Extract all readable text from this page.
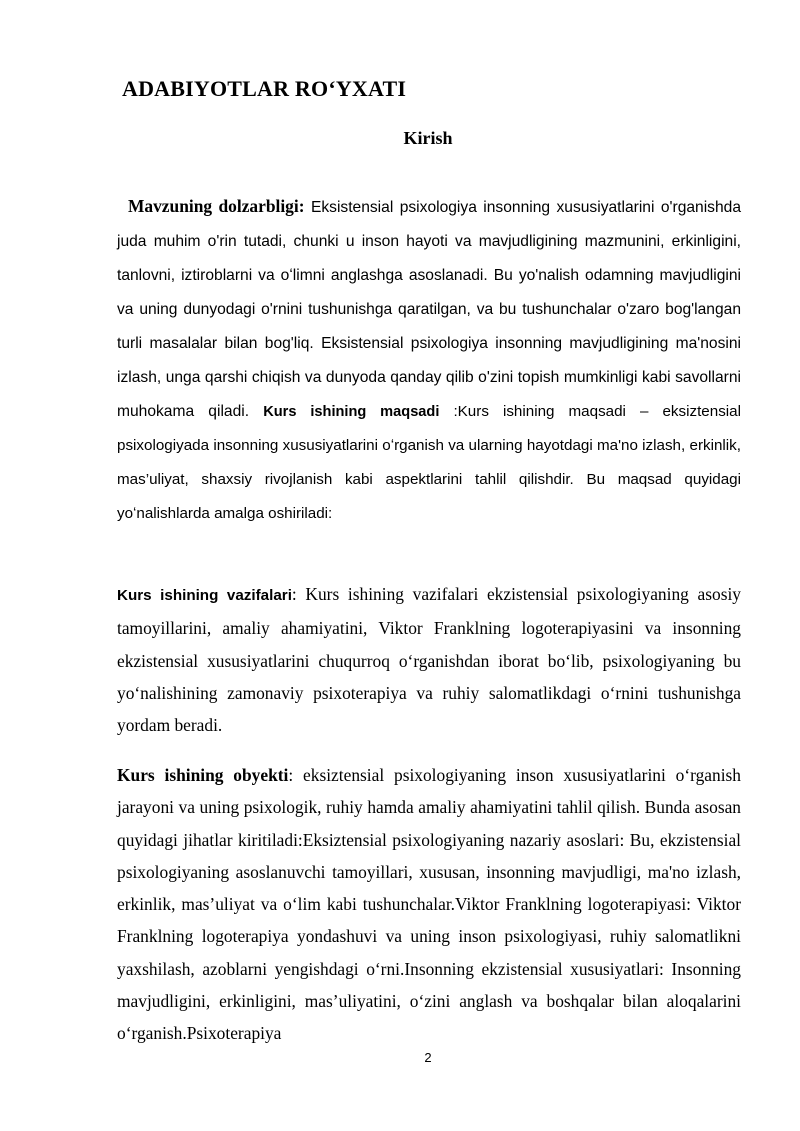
ADABIYOTLAR RO‘YXATI
Kirish

Mavzuning dolzarbligi: Eksistensial psixologiya insonning xususiyatlarini o'rganishda juda muhim o'rin tutadi, chunki u inson hayoti va mavjudligining mazmunini, erkinligini, tanlovni, iztiroblarni va oʻlimni anglashga asoslanadi. Bu yo'nalish odamning mavjudligini va uning dunyodagi o'rnini tushunishga qaratilgan, va bu tushunchalar o'zaro bog'langan turli masalalar bilan bog'liq. Eksistensial psixologiya insonning mavjudligining ma'nosini izlash, unga qarshi chiqish va dunyoda qanday qilib o'zini topish mumkinligi kabi savollarni muhokama qiladi. Kurs ishining maqsadi :Kurs ishining maqsadi – eksiztensial psixologiyada insonning xususiyatlarini oʻrganish va ularning hayotdagi ma'no izlash, erkinlik, mas’uliyat, shaxsiy rivojlanish kabi aspektlarini tahlil qilishdir. Bu maqsad quyidagi yoʻnalishlarda amalga oshiriladi:

Kurs ishining vazifalari: Kurs ishining vazifalari ekzistensial psixologiyaning asosiy tamoyillarini, amaliy ahamiyatini, Viktor Franklning logoterapiyasini va insonning ekzistensial xususiyatlarini chuqurroq oʻrganishdan iborat boʻlib, psixologiyaning bu yoʻnalishining zamonaviy psixoterapiya va ruhiy salomatlikdagi oʻrnini tushunishga yordam beradi.

Kurs ishining obyekti: eksiztensial psixologiyaning inson xususiyatlarini oʻrganish jarayoni va uning psixologik, ruhiy hamda amaliy ahamiyatini tahlil qilish. Bunda asosan quyidagi jihatlar kiritiladi:Eksiztensial psixologiyaning nazariy asoslari: Bu, ekzistensial psixologiyaning asoslanuvchi tamoyillari, xususan, insonning mavjudligi, ma'no izlash, erkinlik, mas’uliyat va oʻlim kabi tushunchalar.Viktor Franklning logoterapiyasi: Viktor Franklning logoterapiya yondashuvi va uning inson psixologiyasi, ruhiy salomatlikni yaxshilash, azoblarni yengishdagi oʻrni.Insonning ekzistensial xususiyatlari: Insonning mavjudligini, erkinligini, mas’uliyatini, oʻzini anglash va boshqalar bilan aloqalarini oʻrganish.Psixoterapiya

2
